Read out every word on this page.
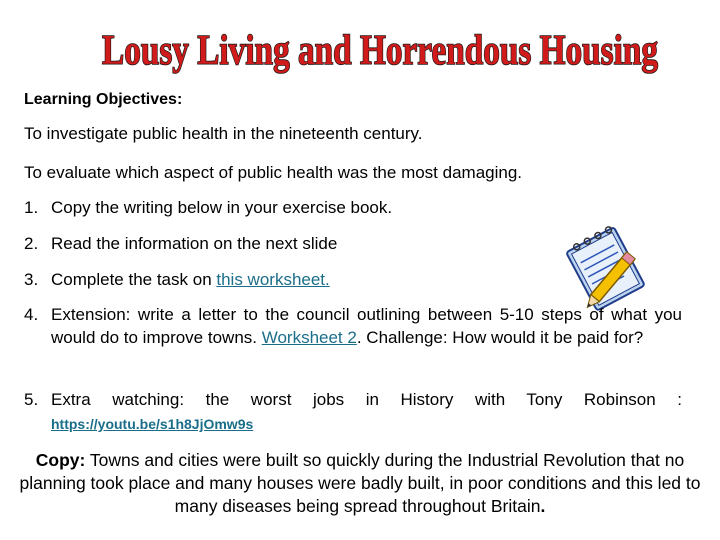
Lousy Living and Horrendous Housing
Learning Objectives:
To investigate public health in the nineteenth century.
To evaluate which aspect of public health was the most damaging.
1. Copy the writing below in your exercise book.
2. Read the information on the next slide
3. Complete the task on this worksheet.
4. Extension: write a letter to the council outlining between 5-10 steps of what you would do to improve towns. Worksheet 2. Challenge: How would it be paid for?
5. Extra watching: the worst jobs in History with Tony Robinson :
https://youtu.be/s1h8JjOmw9s
Copy: Towns and cities were built so quickly during the Industrial Revolution that no planning took place and many houses were badly built, in poor conditions and this led to many diseases being spread throughout Britain.
